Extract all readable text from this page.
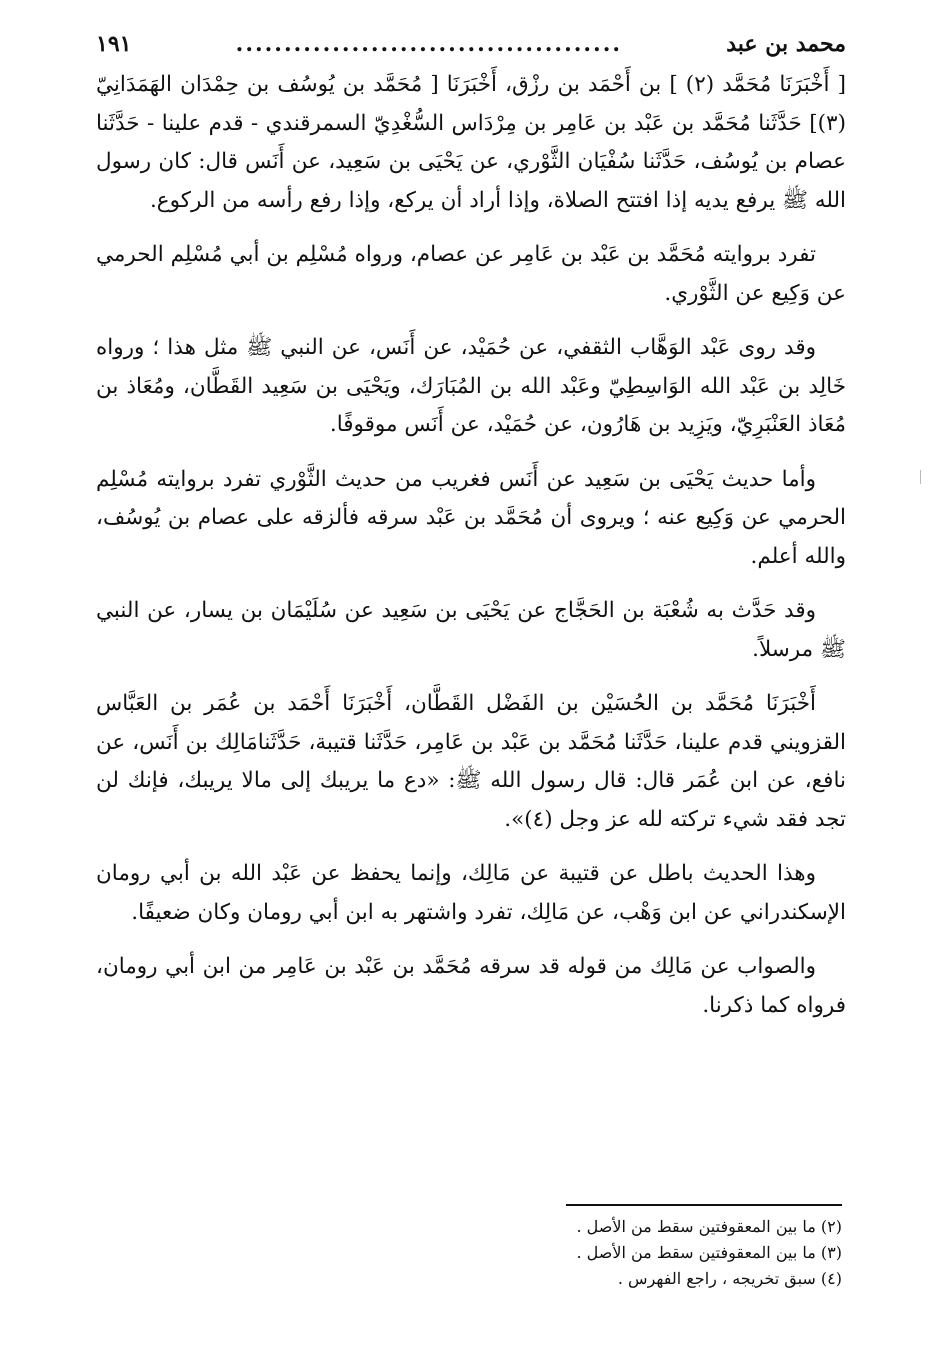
محمد بن عبد
........................................
١٩١

[ أَخْبَرَنَا مُحَمَّد (٢) ] بن أَحْمَد بن رزْق، أَخْبَرَنَا [ مُحَمَّد بن يُوسُف بن حِمْدَان الهَمَدَانِيّ (٣)] حَدَّثَنا مُحَمَّد بن عَبْد بن عَامِر بن مِرْدَاس السُّغْدِيّ السمرقندي - قدم علينا - حَدَّثَنا عصام بن يُوسُف، حَدَّثَنا سُفْيَان الثَّوْري، عن يَحْيَى بن سَعِيد، عن أَنَس قال: كان رسول الله ﷺ يرفع يديه إذا افتتح الصلاة، وإذا أراد أن يركع، وإذا رفع رأسه من الركوع.

تفرد بروايته مُحَمَّد بن عَبْد بن عَامِر عن عصام، ورواه مُسْلِم بن أبي مُسْلِم الحرمي عن وَكِيع عن الثَّوْري.

وقد روى عَبْد الوَهَّاب الثقفي، عن حُمَيْد، عن أَنَس، عن النبي ﷺ مثل هذا ؛ ورواه خَالِد بن عَبْد الله الوَاسِطِيّ وعَبْد الله بن المُبَارَك، ويَحْيَى بن سَعِيد القَطَّان، ومُعَاذ بن مُعَاذ العَنْبَرِيّ، ويَزِيد بن هَارُون، عن حُمَيْد، عن أَنَس موقوفًا.

وأما حديث يَحْيَى بن سَعِيد عن أَنَس فغريب من حديث الثَّوْري تفرد بروايته مُسْلِم الحرمي عن وَكِيع عنه ؛ ويروى أن مُحَمَّد بن عَبْد سرقه فألزقه على عصام بن يُوسُف، والله أعلم.

وقد حَدَّث به شُعْبَة بن الحَجَّاج عن يَحْيَى بن سَعِيد عن سُلَيْمَان بن يسار، عن النبي ﷺ مرسلاً.

أَخْبَرَنَا مُحَمَّد بن الحُسَيْن بن الفَضْل القَطَّان، أَخْبَرَنَا أَحْمَد بن عُمَر بن العَبَّاس القزويني قدم علينا، حَدَّثَنا مُحَمَّد بن عَبْد بن عَامِر، حَدَّثَنا قتيبة، حَدَّثَنامَالِك بن أَنَس، عن نافع، عن ابن عُمَر قال: قال رسول الله ﷺ: «دع ما يريبك إلى مالا يريبك، فإنك لن تجد فقد شيء تركته لله عز وجل (٤)».

وهذا الحديث باطل عن قتيبة عن مَالِك، وإنما يحفظ عن عَبْد الله بن أبي رومان الإسكندراني عن ابن وَهْب، عن مَالِك، تفرد واشتهر به ابن أبي رومان وكان ضعيفًا.

والصواب عن مَالِك من قوله قد سرقه مُحَمَّد بن عَبْد بن عَامِر من ابن أبي رومان، فرواه كما ذكرنا.

(٢) ما بين المعقوفتين سقط من الأصل .

(٣) ما بين المعقوفتين سقط من الأصل .

(٤) سبق تخريجه ، راجع الفهرس .
